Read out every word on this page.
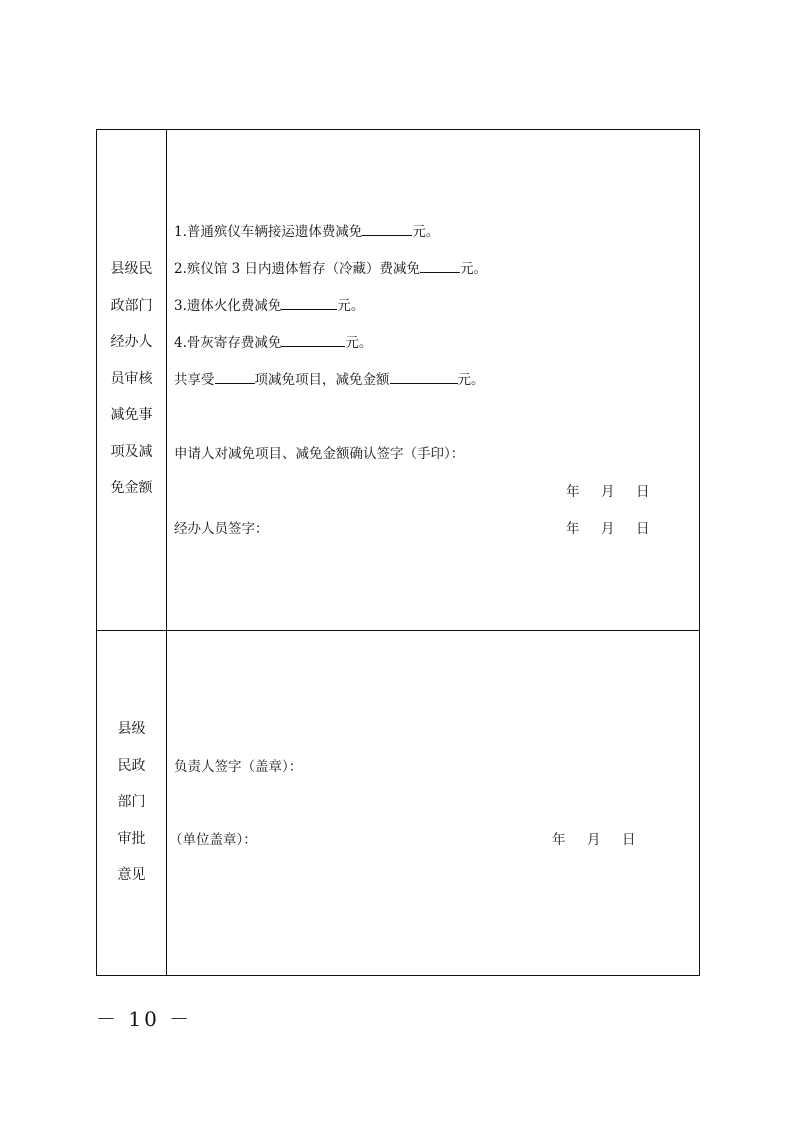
县级民
政部门
经办人
员审核
减免事
项及减
免金额
1.普通殡仪车辆接运遗体费减免	元。
2.殡仪馆 3 日内遗体暂存（冷藏）费减免	元。
3.遗体火化费减免	元。
4.骨灰寄存费减免	元。
共享受	项减免项目，减免金额	元。
申请人对减免项目、减免金额确认签字（手印）：
年 月 日
经办人员签字：	年 月 日
县级
民政
部门
审批
意见
负责人签字（盖章）：
（单位盖章）：	年 月 日
－ 10 －
